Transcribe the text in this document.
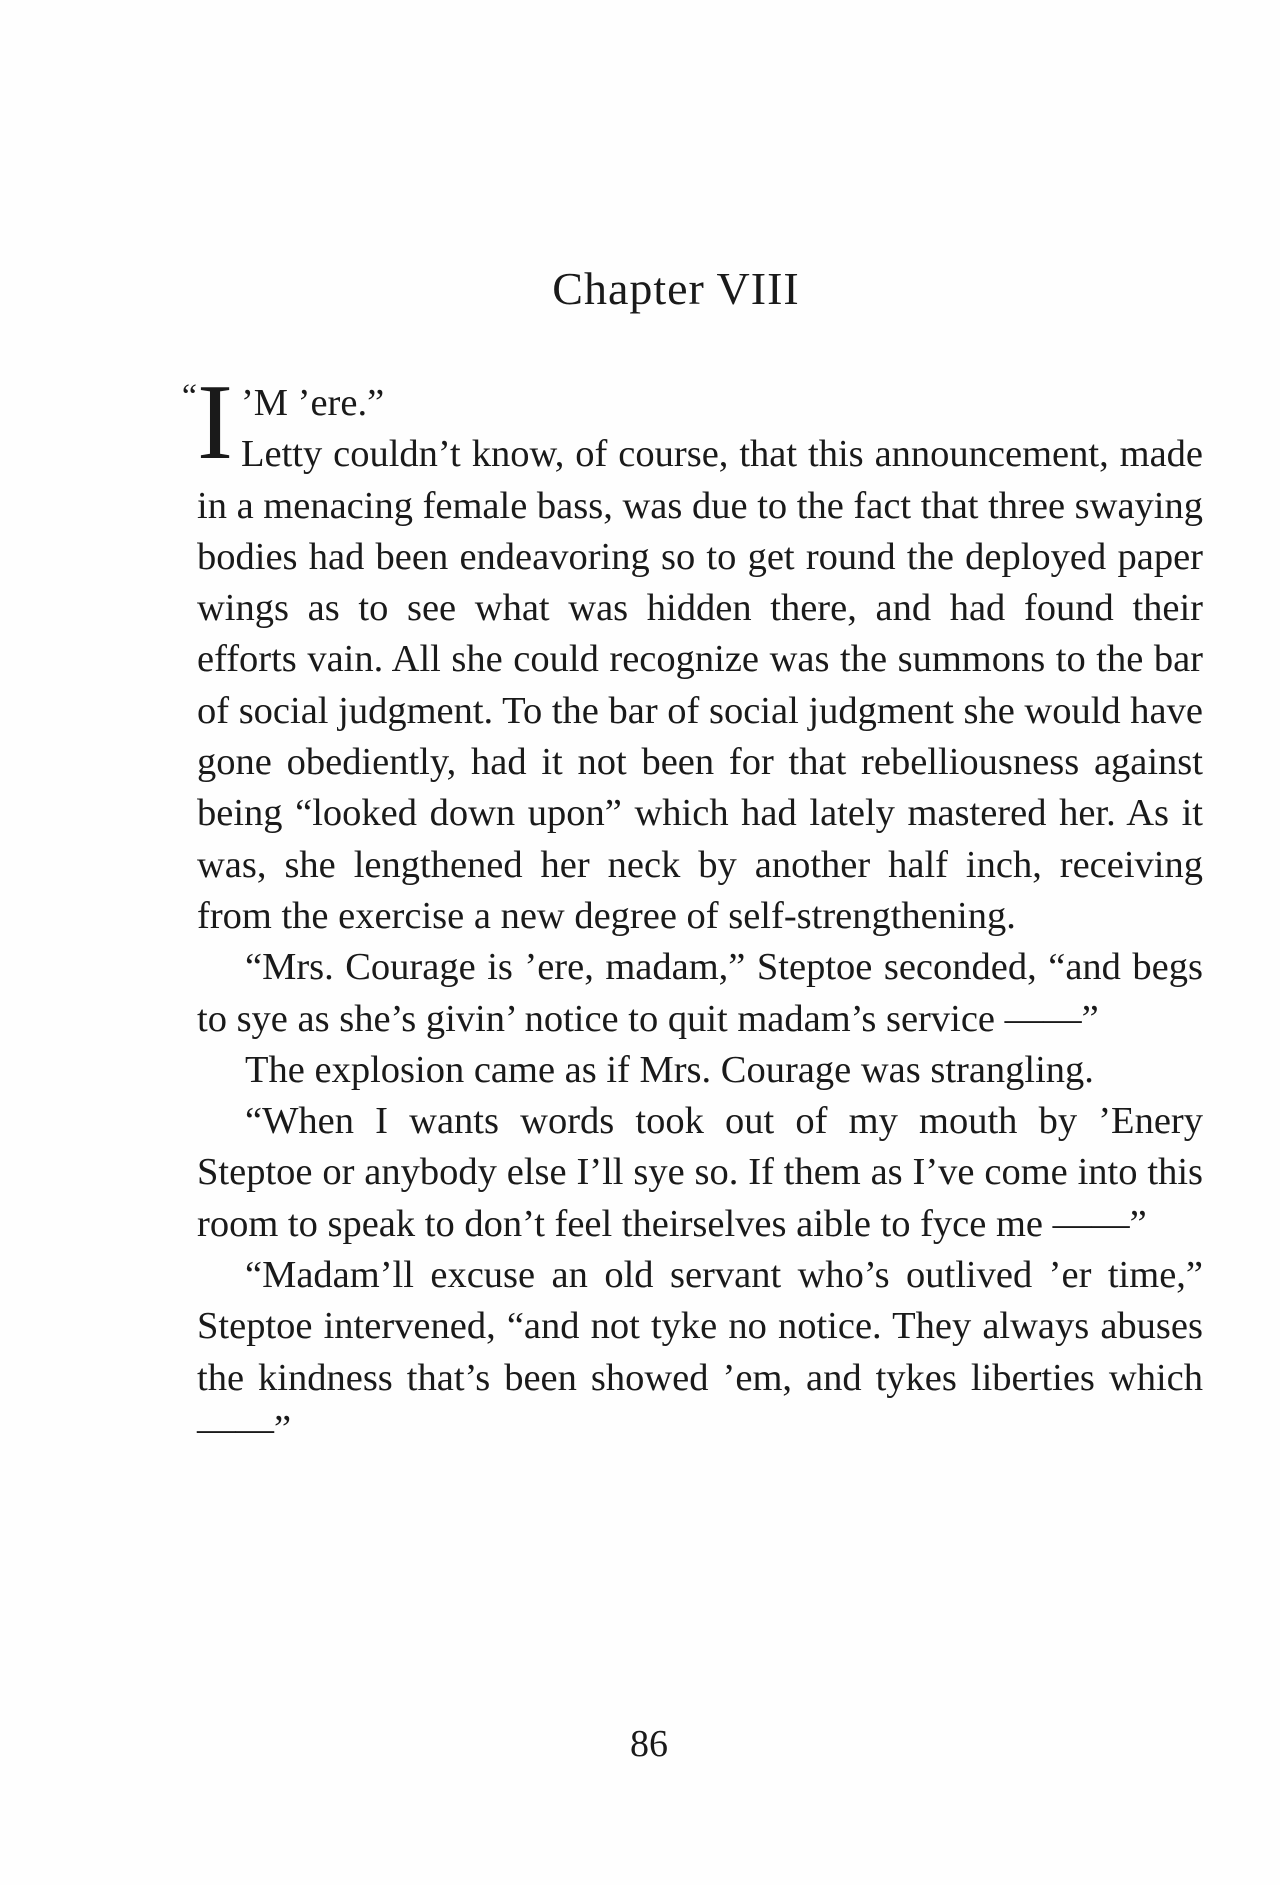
Chapter VIII

“ I ’M ’ere.”
Letty couldn’t know, of course, that this announcement, made in a menacing female bass, was due to the fact that three swaying bodies had been endeavoring so to get round the deployed paper wings as to see what was hidden there, and had found their efforts vain. All she could recognize was the summons to the bar of social judgment. To the bar of social judgment she would have gone obediently, had it not been for that rebelliousness against being “looked down upon” which had lately mastered her. As it was, she lengthened her neck by another half inch, receiving from the exercise a new degree of self-strengthening.

“Mrs. Courage is ’ere, madam,” Steptoe seconded, “and begs to sye as she’s givin’ notice to quit madam’s service ——”

The explosion came as if Mrs. Courage was strangling.

“When I wants words took out of my mouth by ’Enery Steptoe or anybody else I’ll sye so. If them as I’ve come into this room to speak to don’t feel theirselves aible to fyce me ——”

“Madam’ll excuse an old servant who’s outlived ’er time,” Steptoe intervened, “and not tyke no notice. They always abuses the kindness that’s been showed ’em, and tykes liberties which ——”

86
